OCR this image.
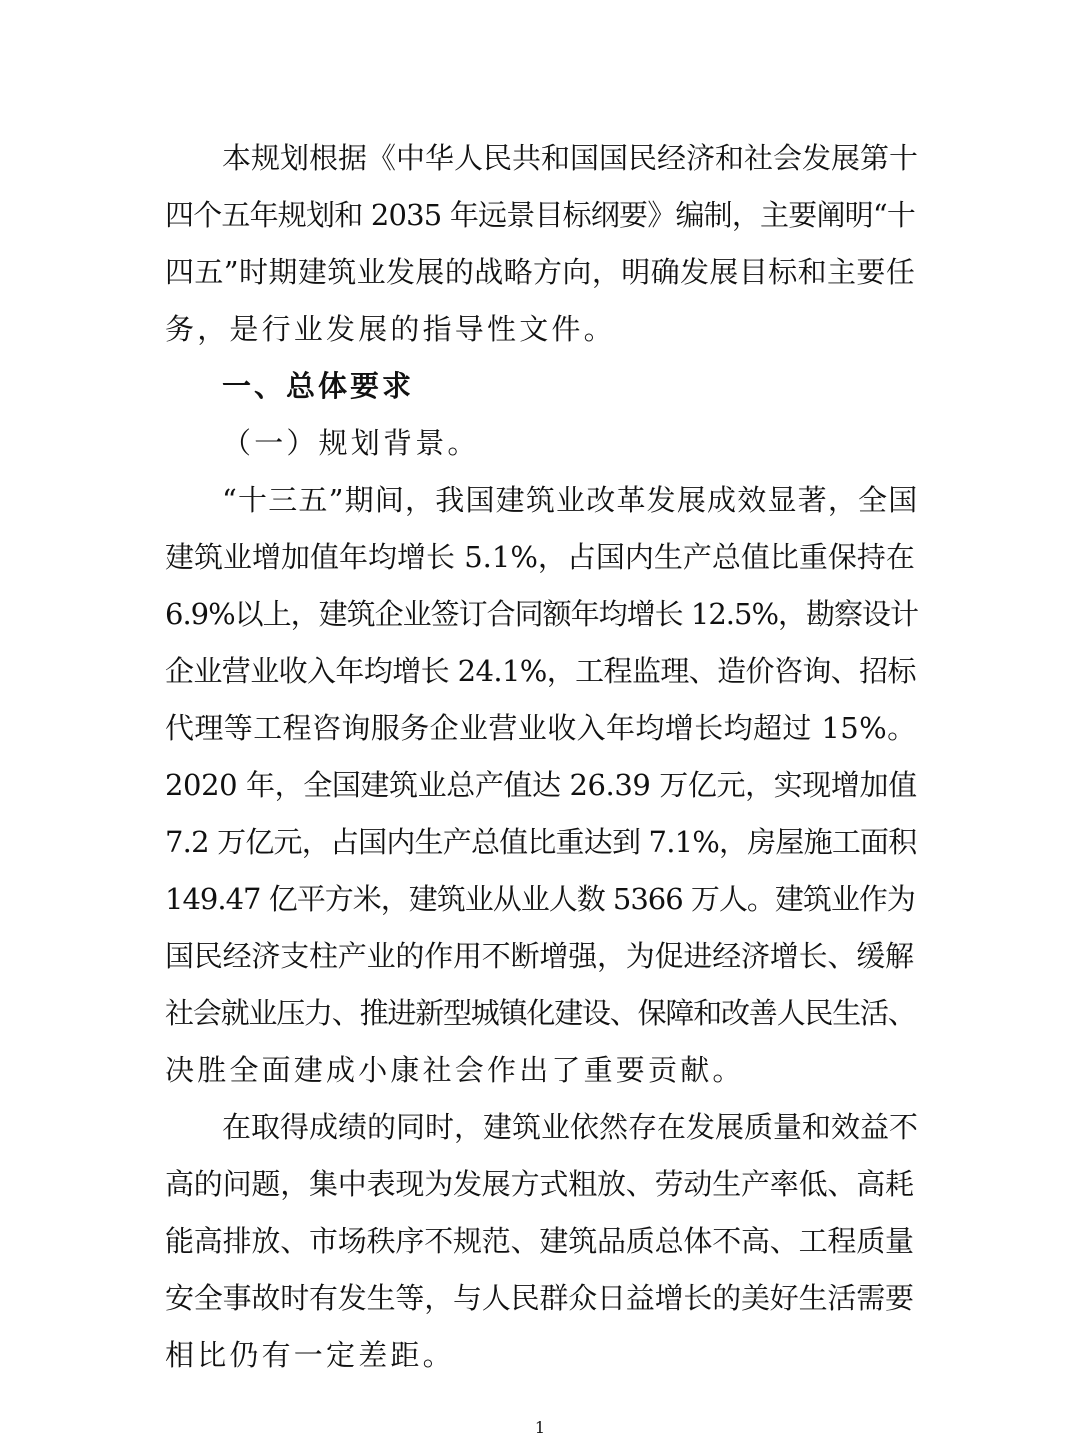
本规划根据《中华人民共和国国民经济和社会发展第十
四个五年规划和 2035 年远景目标纲要》编制，主要阐明“十
四五”时期建筑业发展的战略方向，明确发展目标和主要任
务，是行业发展的指导性文件。
一、总体要求
（一）规划背景。
“十三五”期间，我国建筑业改革发展成效显著，全国
建筑业增加值年均增长 5.1%，占国内生产总值比重保持在
6.9%以上，建筑企业签订合同额年均增长 12.5%，勘察设计
企业营业收入年均增长 24.1%，工程监理、造价咨询、招标
代理等工程咨询服务企业营业收入年均增长均超过 15%。
2020 年，全国建筑业总产值达 26.39 万亿元，实现增加值
7.2 万亿元，占国内生产总值比重达到 7.1%，房屋施工面积
149.47 亿平方米，建筑业从业人数 5366 万人。建筑业作为
国民经济支柱产业的作用不断增强，为促进经济增长、缓解
社会就业压力、推进新型城镇化建设、保障和改善人民生活、
决胜全面建成小康社会作出了重要贡献。
在取得成绩的同时，建筑业依然存在发展质量和效益不
高的问题，集中表现为发展方式粗放、劳动生产率低、高耗
能高排放、市场秩序不规范、建筑品质总体不高、工程质量
安全事故时有发生等，与人民群众日益增长的美好生活需要
相比仍有一定差距。
1
